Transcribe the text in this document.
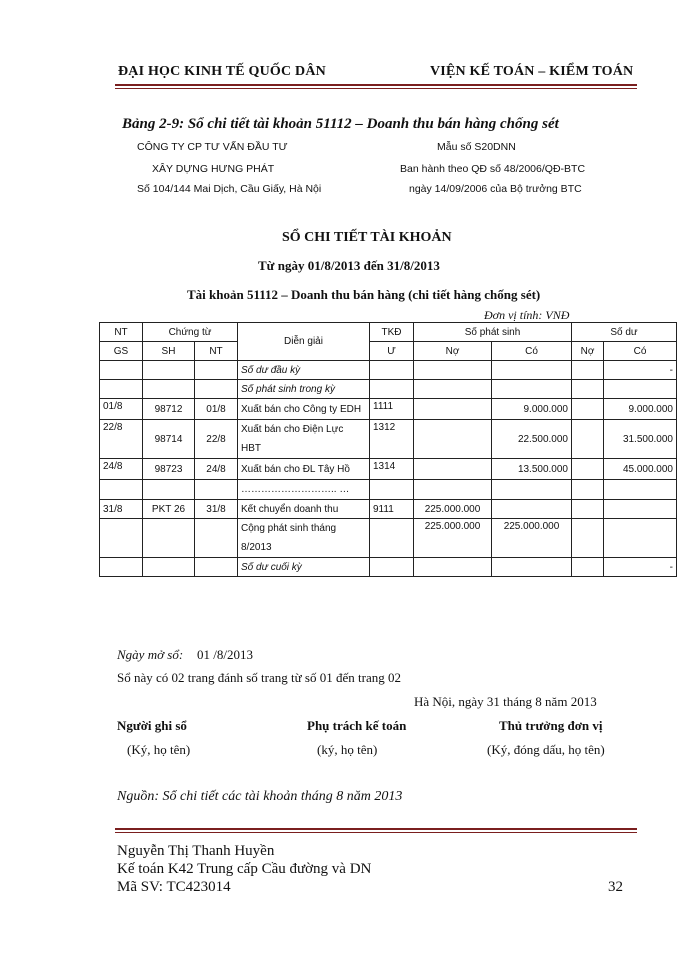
ĐẠI HỌC KINH TẾ QUỐC DÂN	VIỆN KẾ TOÁN – KIỂM TOÁN
Bảng 2-9: Sổ chi tiết tài khoản 51112 – Doanh thu bán hàng chống sét
CÔNG TY CP TƯ VẤN ĐẦU TƯ
XÂY DỰNG HƯNG PHÁT
Số 104/144 Mai Dịch, Cầu Giấy, Hà Nội
Mẫu số S20DNN
Ban hành theo QĐ số 48/2006/QĐ-BTC
ngày 14/09/2006 của Bộ trưởng BTC
SỔ CHI TIẾT TÀI KHOẢN
Từ ngày 01/8/2013 đến 31/8/2013
Tài khoản 51112 – Doanh thu bán hàng (chi tiết hàng chống sét)
Đơn vị tính: VNĐ
NT	Chứng từ		Diễn giải	TKĐ	Số phát sinh		Số dư	
GS	SH	NT		Ư	Nợ	Có	Nợ	Có
			Số dư đầu kỳ					-
			Số phát sinh trong kỳ					
01/8	98712	01/8	Xuất bán cho Công ty EDH	1111		9.000.000		9.000.000
22/8	98714	22/8	Xuất bán cho Điện Lực HBT	1312		22.500.000		31.500.000
24/8	98723	24/8	Xuất bán cho ĐL Tây Hồ	1314		13.500.000		45.000.000
			……………………….. …					
31/8	PKT 26	31/8	Kết chuyển doanh thu	9111	225.000.000			
			Cộng phát sinh tháng 8/2013		225.000.000	225.000.000		
			Số dư cuối kỳ					-
Ngày mở sổ: 01 /8/2013
Sổ này có 02 trang đánh số trang từ số 01 đến trang 02
Hà Nội, ngày 31 tháng 8 năm 2013
Người ghi sổ
(Ký, họ tên)
Phụ trách kế toán
(ký, họ tên)
Thủ trưởng đơn vị
(Ký, đóng dấu, họ tên)
Nguồn: Sổ chi tiết các tài khoản tháng 8 năm 2013
Nguyễn Thị Thanh Huyền
Kế toán K42 Trung cấp Cầu đường và DN
Mã SV: TC423014	32
